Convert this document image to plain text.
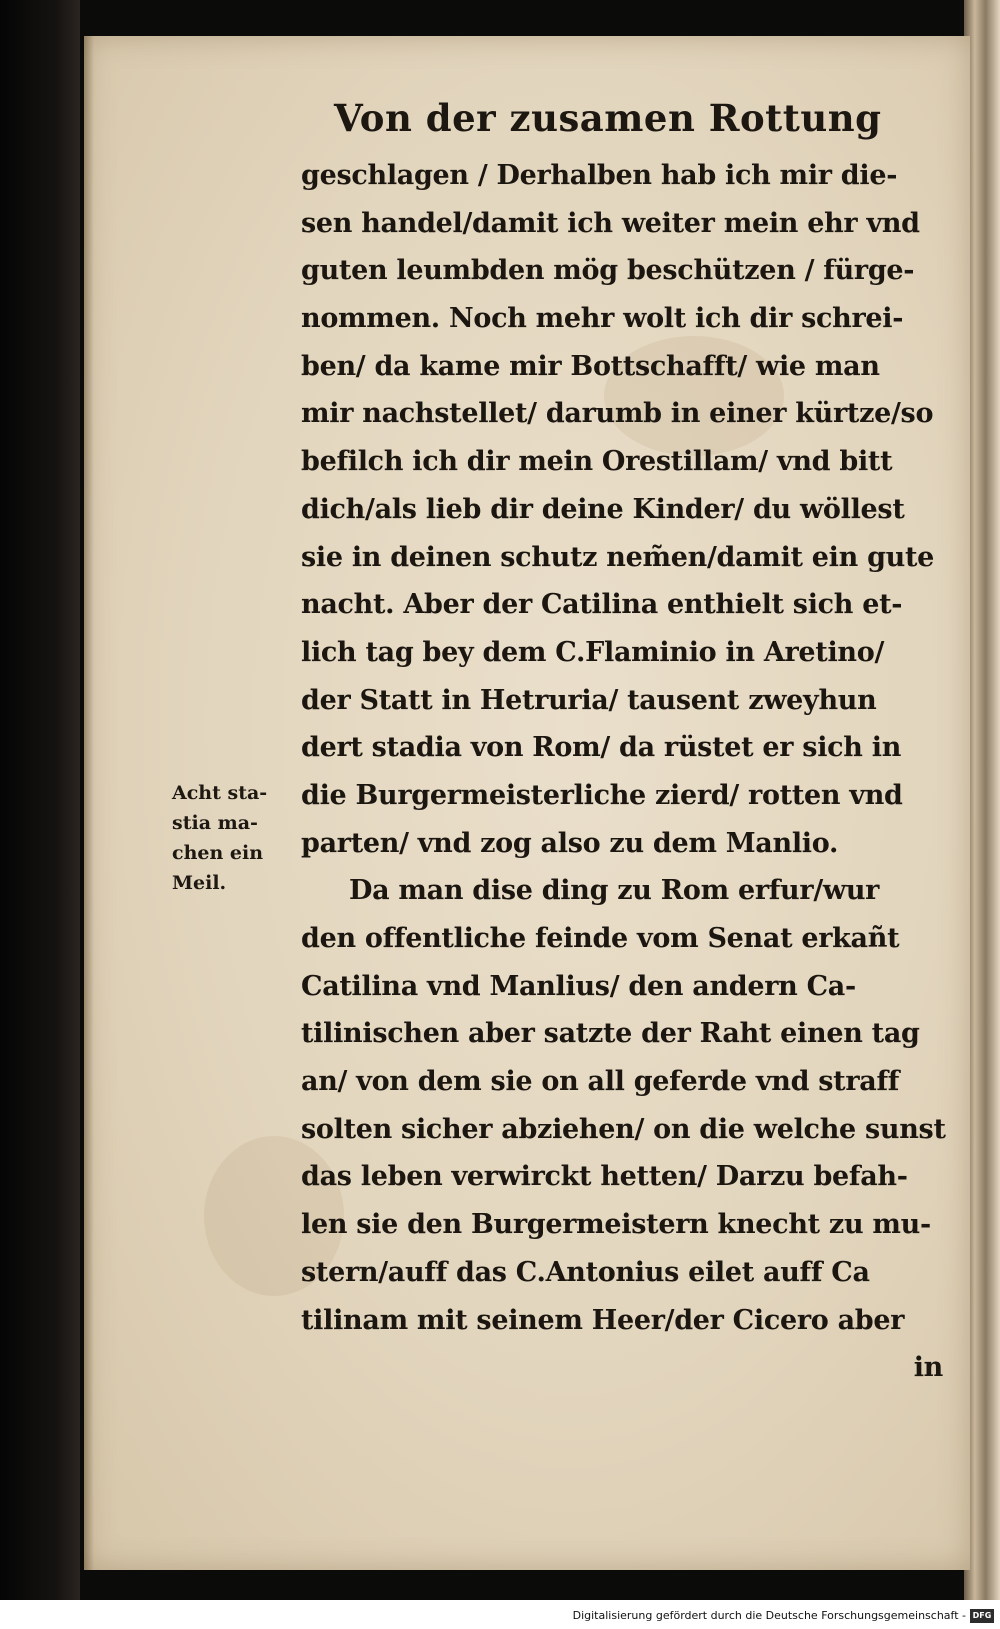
Von der zusamen Rottung
Acht sta-
stia ma-
chen ein
Meil.
geschlagen / Derhalben hab ich mir die-
sen handel/damit ich weiter mein ehr vnd
guten leumbden mög beschützen / fürge-
nommen. Noch mehr wolt ich dir schrei-
ben/ da kame mir Bottschafft/ wie man
mir nachstellet/ darumb in einer kürtze/so
befilch ich dir mein Orestillam/ vnd bitt
dich/als lieb dir deine Kinder/ du wöllest
sie in deinen schutz nem̃en/damit ein gute
nacht. Aber der Catilina enthielt sich et-
lich tag bey dem C.Flaminio in Aretino/
der Statt in Hetruria/ tausent zweyhun
dert stadia von Rom/ da rüstet er sich in
die Burgermeisterliche zierd/ rotten vnd
parten/ vnd zog also zu dem Manlio.
Da man dise ding zu Rom erfur/wur
den offentliche feinde vom Senat erkañt
Catilina vnd Manlius/ den andern Ca-
tilinischen aber satzte der Raht einen tag
an/ von dem sie on all geferde vnd straff
solten sicher abziehen/ on die welche sunst
das leben verwirckt hetten/ Darzu befah-
len sie den Burgermeistern knecht zu mu-
stern/auff das C.Antonius eilet auff Ca
tilinam mit seinem Heer/der Cicero aber
in
Digitalisierung gefördert durch die Deutsche Forschungsgemeinschaft - DFG
